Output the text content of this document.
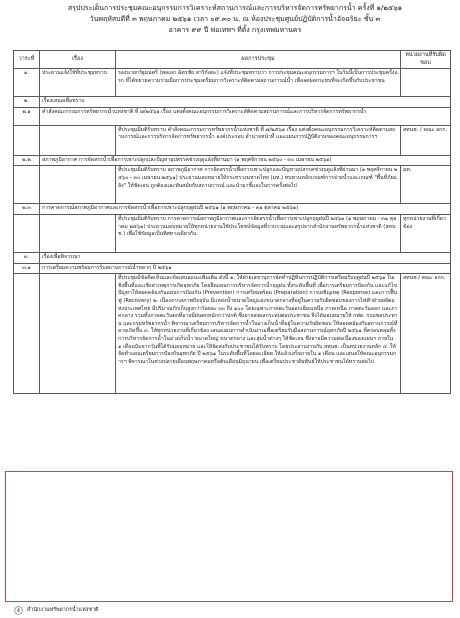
สรุปประเด็นการประชุมคณะอนุกรรมการวิเคราะห์สถานการณ์และการบริหารจัดการทรัพยากรน้ำ ครั้งที่ ๑/๒๕๖๑
วันพฤหัสบดีที่ ๓ พฤษภาคม ๒๕๖๑ เวลา ๐๙.๓๐ น. ณ ห้องประชุมศูนย์ปฏิบัติการน้ำอัจฉริยะ ชั้น ๓
อาคาร ๙๙ ปี พ่อเทพฯ ที่ตั้ง กรุงเทพมหานคร
วาระที่	เรื่อง	ผลการประชุม	หน่วยงานที่รับผิดชอบ
๑.	ประธานแจ้งให้ที่ประชุมทราบ	รองนายกรัฐมนตรี (พลเอก ฉัตรชัย สาริกัลยะ) แจ้งที่ประชุมทราบว่า การประชุมคณะอนุกรรมการฯ ในวันนี้เป็นการประชุมครั้งแรก ที่ได้ขยายความร่วมมือการประชุมเตรียมการวิเคราะห์ติดตามสถานการณ์น้ำ เพื่อลดผลกระทบที่จะเกิดขึ้นกับประชาชน	
๒.	เรื่องเสนอเพื่อทราบ		
๒.๑	คำสั่งคณะกรรมการทรัพยากรน้ำแห่งชาติ ที่ ๗/๒๕๖๑ เรื่อง แต่งตั้งคณะอนุกรรมการวิเคราะห์ติดตามสถานการณ์และการบริหารจัดการทรัพยากรน้ำ		
		ที่ประชุมมีมติรับทราบ คำสั่งคณะกรรมการทรัพยากรน้ำแห่งชาติ ที่ ๗/๒๕๖๑ เรื่อง แต่งตั้งคณะอนุกรรมการวิเคราะห์ติดตามสถานการณ์และการบริหารจัดการทรัพยากรน้ำ องค์ประกอบ อำนาจหน้าที่ และแผนการปฏิบัติงานของคณะอนุกรรมการฯ	สทนช. / คณะ อกก.
๒.๒	สภาพภูมิอากาศ การจัดสรรน้ำเพื่อการเพาะปลูกและปัญหาอุปสรรคช่วงฤดูแล้งที่ผ่านมา (๑ พฤศจิกายน ๒๕๖๐ - ๓๐ เมษายน ๒๕๖๑)		
		ที่ประชุมมีมติรับทราบ สภาพภูมิอากาศ การจัดสรรน้ำเพื่อการเพาะปลูกและปัญหาอุปสรรคช่วงฤดูแล้งที่ผ่านมา (๑ พฤศจิกายน ๒๕๖๐ - ๓๐ เมษายน ๒๕๖๑) ประธานมอบหมายให้กระทรวงมหาดไทย (มท.) ทบทวนหลักเกณฑ์การจ่ายน้ำและเกณฑ์ "พื้นที่ภัยแล้ง" ให้ชัดเจน ถูกต้องและทันสมัยกับสถานการณ์ และนำมาชี้แจงในการครั้งต่อไป	มท.
๒.๓	การคาดการณ์สภาพภูมิอากาศและการจัดสรรน้ำเพื่อการเพาะปลูกฤดูฝนปี ๒๕๖๑ (๑ พฤษภาคม - ๓๑ ตุลาคม ๒๕๖๑)		
		ที่ประชุมมีมติรับทราบ การคาดการณ์สภาพภูมิอากาศและการจัดสรรน้ำเพื่อการเพาะปลูกฤดูฝนปี ๒๕๖๑ (๑ พฤษภาคม - ๓๑ ตุลาคม ๒๕๖๑) ประธานมอบหมายให้ทุกหน่วยงานใช้ประโยชน์ข้อมูลที่รวบรวมและสรุปจากสำนักงานทรัพยากรน้ำแห่งชาติ (สทนช.) เพื่อใช้ข้อมูลเป็นทิศทางเดียวกัน	ทุกหน่วยงานที่เกี่ยวข้อง
๓.	เรื่องเพื่อพิจารณา		
๓.๑	การเตรียมความพร้อมการรับสถานการณ์น้ำหลาก ปี ๒๕๖๑		
		ที่ประชุมมีข้อคิดเห็นและข้อเสนอแนะเพิ่มเติม ดังนี้ ๑. ให้ฝ่ายเลขานุการจัดทำปฏิทินการปฏิบัติการเตรียมรับฤดูฝนปี ๒๕๖๑ ในเชิงพื้นที่และเชิงสาเหตุการเกิดอุทกภัย โดยยึดแผนการบริหารจัดการน้ำฤดูฝน ทั้งระดับพื้นที่ เพื่อการเตรียมการป้องกัน และแก้ไขปัญหาให้สอดคล้องกันแผนการป้องกัน (Prevention) การเตรียมพร้อม (Preparation) การเผชิญเหตุ (Response) และการฟื้นฟู (Recovery) ๒. เนื่องจากสภาพปัจจุบัน มีแหล่งน้ำขนาดใหญ่และขนาดกลางที่อยู่ในความรับผิดชอบของการไฟฟ้าฝ่ายผลิตแห่งประเทศไทย มีปริมาณกักเก็บสูงกว่าร้อยละ ๓๐ ถึง ๑๐๐ โดยเฉพาะภาคตะวันออกเฉียงเหนือ ภาคเหนือ ภาคตะวันออก และภาคกลาง รวมทั้งภาคตะวันตกที่อาจมีฝนตกหนักกว่าปกติ ซึ่งอาจส่งผลกระทบต่อประชาชน จึงได้มอบหมายให้ กฟผ. กรมชลประทาน และกรมทรัพยากรน้ำ พิจารณาเตรียมการบริหารจัดการน้ำในอ่างเก็บน้ำที่อยู่ในความรับผิดชอบ ให้สอดคล้องกับสถานการณ์ที่อาจเกิดขึ้น ๓. ให้ทุกหน่วยงานที่เกี่ยวข้อง เสนอแผนการดำเนินงานเพื่อเตรียมรับมือสถานการณ์อุทกภัยปี ๒๕๖๑ ที่ครอบคลุมทั้งการบริหารจัดการน้ำในอ่างเก็บน้ำ ขนาดใหญ่ ขนาดกลาง และลุ่มน้ำต่างๆ ให้ชัดเจน ซึ่งอาจมีความต่อเนื่องของแผนฯ ภายใน ๑ เดือนนับจากวันที่ได้รับมอบหมาย และให้จัดส่งกับประชาชนได้รับทราบ โดยประสานงานกับ สทนช. เป็นหน่วยงานหลัก ๔. ให้จัดทำแผนเตรียมการป้องกันอุทกภัย ปี ๒๕๖๑ ในระดับพื้นที่โดยละเอียด ให้แล้วเสร็จภายใน ๑ เดือน และเสนอให้คณะอนุกรรมการฯ พิจารณาในช่วงปลายเดือนพฤษภาคมหรือต้นเดือนมิถุนายน เพื่อเตรียมประชาสัมพันธ์ให้ประชาชนได้ทราบต่อไป	สทนช./ คณะ อกก.
สำนักงานทรัพยากรน้ำแห่งชาติ
